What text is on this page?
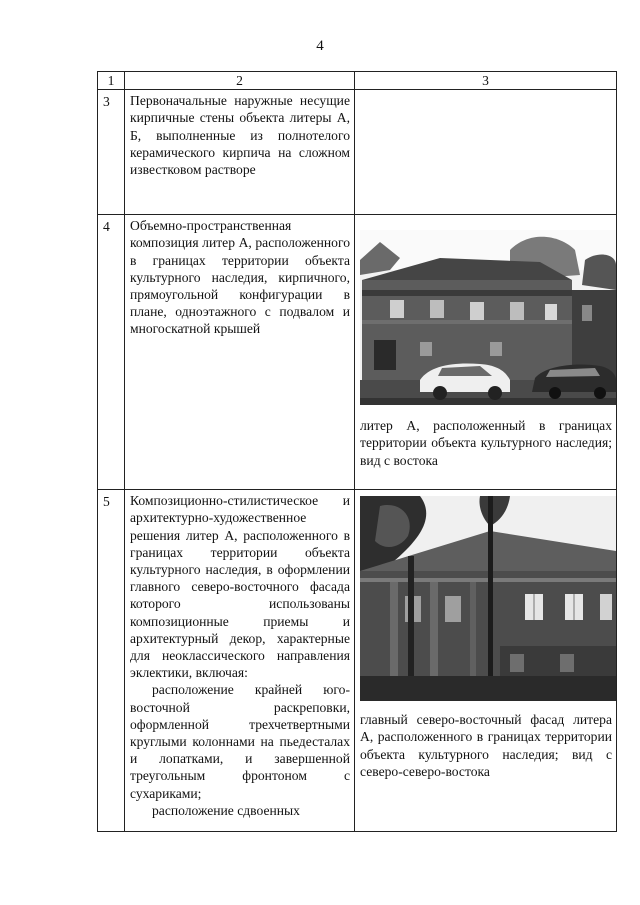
4
1	2	3
3	Первоначальные наружные несущие кирпичные стены объекта литеры А, Б, выполненные из полнотелого керамического кирпича на сложном известковом растворе	

4	Объемно-пространственная композиция литер А, расположенного в границах территории объекта культурного наследия, кирпичного, прямоугольной конфигурации в плане, одноэтажного с подвалом и многоскатной крышей	литер А, расположенный в границах территории объекта культурного наследия; вид с востока

5	Композиционно-стилистическое и архитектурно-художественное решения литер А, расположенного в границах территории объекта культурного наследия, в оформлении главного северо-восточного фасада которого использованы композиционные приемы и архитектурный декор, характерные для неоклассического направления эклектики, включая:

расположение крайней юго-восточной раскреповки, оформленной трехчетвертными круглыми колоннами на пьедесталах и лопатками, и завершенной треугольным фронтоном с сухариками;

расположение сдвоенных	главный северо-восточный фасад литера А, расположенного в границах территории объекта культурного наследия; вид с северо-северо-востока
